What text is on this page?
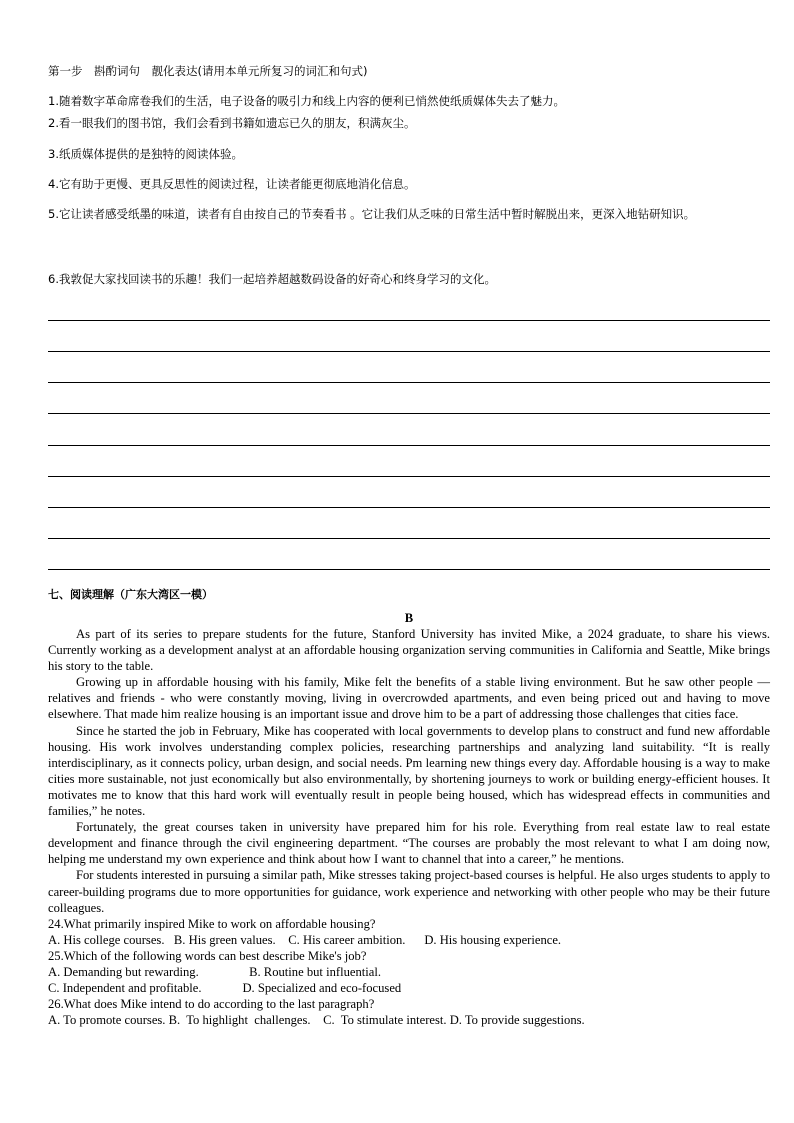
第一步　斟酌词句　靓化表达(请用本单元所复习的词汇和句式)
1.随着数字革命席卷我们的生活，电子设备的吸引力和线上内容的便利已悄然使纸质媒体失去了魅力。
2.看一眼我们的图书馆，我们会看到书籍如遗忘已久的朋友，积满灰尘。
3.纸质媒体提供的是独特的阅读体验。
4.它有助于更慢、更具反思性的阅读过程，让读者能更彻底地消化信息。
5.它让读者感受纸墨的味道，读者有自由按自己的节奏看书 。它让我们从乏味的日常生活中暂时解脱出来，更深入地钻研知识。
6.我敦促大家找回读书的乐趣！我们一起培养超越数码设备的好奇心和终身学习的文化。
七、阅读理解（广东大湾区一模）
B

As part of its series to prepare students for the future, Stanford University has invited Mike, a 2024 graduate, to share his views. Currently working as a development analyst at an affordable housing organization serving communities in California and Seattle, Mike brings his story to the table.

Growing up in affordable housing with his family, Mike felt the benefits of a stable living environment. But he saw other people — relatives and friends - who were constantly moving, living in overcrowded apartments, and even being priced out and having to move elsewhere. That made him realize housing is an important issue and drove him to be a part of addressing those challenges that cities face.

Since he started the job in February, Mike has cooperated with local governments to develop plans to construct and fund new affordable housing. His work involves understanding complex policies, researching partnerships and analyzing land suitability. “It is really interdisciplinary, as it connects policy, urban design, and social needs. Pm learning new things every day. Affordable housing is a way to make cities more sustainable, not just economically but also environmentally, by shortening journeys to work or building energy-efficient houses. It motivates me to know that this hard work will eventually result in people being housed, which has widespread effects in communities and families,” he notes.

Fortunately, the great courses taken in university have prepared him for his role. Everything from real estate law to real estate development and finance through the civil engineering department. “The courses are probably the most relevant to what I am doing now, helping me understand my own experience and think about how I want to channel that into a career,” he mentions.

For students interested in pursuing a similar path, Mike stresses taking project-based courses is helpful. He also urges students to apply to career-building programs due to more opportunities for guidance, work experience and networking with other people who may be their future colleagues.

24.What primarily inspired Mike to work on affordable housing?
A. His college courses.   B. His green values.    C. His career ambition.      D. His housing experience.
25.Which of the following words can best describe Mike's job?
A. Demanding but rewarding.                B. Routine but influential.
C. Independent and profitable.             D. Specialized and eco-focused
26.What does Mike intend to do according to the last paragraph?
A. To promote courses. B.  To highlight  challenges.    C.  To stimulate interest. D. To provide suggestions.
